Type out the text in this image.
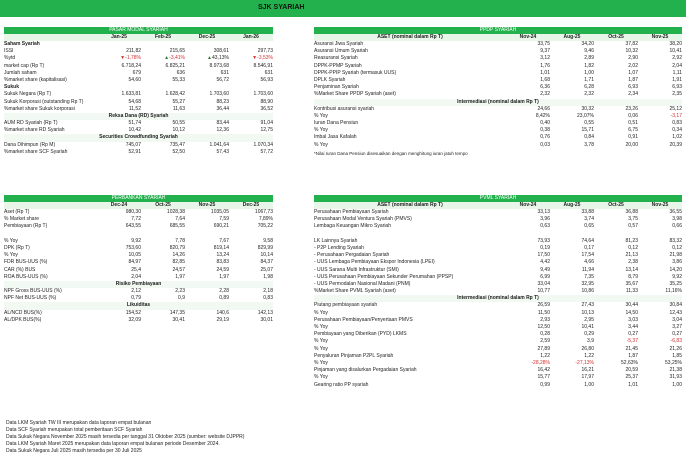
SJK SYARIAH
PASAR MODAL SYARIAH
Jan-25	Feb-25	Dec-25	Jan-26
Saham Syariah
ISSI	211,82	215,65	308,61	297,73
%ytd	▼-1,78%	▲-3,41%	▲43,13%	▼-3,53%
market cap (Rp T)	6.718,24	6.825,21	8.973,68	8.546,91
Jumlah saham	679	636	631	631
%market share (kapitalisasi)	54,60	55,33	56,72	56,93
Sukuk
Sukuk Negara (Rp T)	1.633,81	1.628,42	1.703,60	1.703,60
Sukuk Korporasi (outstanding Rp T)	54,68	55,27	88,23	88,90
%market share Sukuk korporasi	11,52	11,63	36,44	36,52
Reksa Dana (RD) Syariah
AUM RD Syariah (Rp T)	51,74	50,55	83,44	91,04
%market share RD Syariah	10,42	10,12	12,36	12,75
Securities Crowdfunding Syariah
Dana Dihimpun (Rp M)	745,07	735,47	1.041,64	1.070,34
%market share SCF Syariah	52,91	52,50	57,43	57,72
PPDP SYARIAH
ASET (nominal dalam Rp T)	Nov-24	Aug-25	Oct-25	Nov-25
Asuransi Jiwa Syariah	33,75	34,20	37,82	38,20
Asuransi Umum Syariah	9,37	9,46	10,32	10,41
Reasuransi Syariah	3,12	2,89	2,90	2,92
DPPK-PPMP Syariah	1,76	1,82	2,02	2,04
DPPK-PPIP Syariah (termasuk UUS)	1,01	1,00	1,07	1,11
DPLK Syariah	1,68	1,71	1,87	1,91
Penjaminan Syariah	6,36	6,28	6,93	6,93
%Market Share PPDP Syariah (aset)	2,32	2,32	2,34	2,35
Intermediasi (nominal dalam Rp T)
Kontribusi asuransi syariah	24,66	30,32	23,26	25,12
% Yoy	8,42%	23,07%	0,06	-3,17
Iuran Dana Pensiun	0,40	0,55	0,51	0,83
% Yoy	0,38	15,71	6,75	0,34
Imbal Jasa Kafalah	0,76	0,84	0,91	1,02
% Yoy	0,03	3,78	20,00	20,39
*Nilai Iuran Dana Pensiun disesuaikan dengan menghitung iuran jatuh tempo
PERBANKAN SYARIAH
Dec-24	Oct-25	Nov-25	Dec-25
Aset (Rp T)	980,30	1028,38	1035,05	1067,73
% Market share	7,72	7,64	7,59	7,89%
Pembiayaan (Rp T)	643,55	685,55	690,21	705,22
% Yoy	9,92	7,78	7,67	9,58
DPK (Rp T)	753,60	820,79	819,14	829,99
% Yoy	10,05	14,26	13,24	10,14
FDR BUS-UUS (%)	84,97	82,85	83,83	84,37
CAR (%) BUS	25,4	24,57	24,59	25,07
ROA BUS-UUS (%)	2,04	1,97	1,97	1,98
Risiko Pembiayaan
NPF Gross BUS-UUS (%)	2,12	2,23	2,28	2,18
NPF Net BUS-UUS (%)	0,79	0,9	0,89	0,83
Likuiditas
AL/NCD BUS(%)	154,52	147,35	140,6	142,13
AL/DPK BUS(%)	32,09	30,41	29,19	30,01
PVML SYARIAH
ASET (nominal dalam Rp T)	Nov-24	Aug-25	Oct-25	Nov-25
Perusahaan Pembiayaan Syariah	33,13	33,88	36,88	36,55
Perusahaan Modal Ventura Syariah (PMVS)	3,96	3,74	3,75	3,98
Lembaga Keuangan Mikro Syariah	0,63	0,65	0,57	0,66
LK Lainnya Syariah	73,93	74,64	81,23	83,32
- P2P Lending Syariah	0,19	0,17	0,12	0,12
- Perusahaan Pergadaian Syariah	17,50	17,54	21,13	21,98
- UUS Lembaga Pembiayaan Ekspor Indonesia (LPEI)	4,42	4,66	2,38	3,86
- UUS Sarana Multi Infrastruktur (SMI)	9,49	11,94	13,14	14,20
- UUS Perusahaan Pembiayaan Sekunder Perumahan (PPSP)	6,99	7,35	8,79	9,92
- UUS Permodalan Nasional Madani (PNM)	33,04	32,95	35,67	35,25
%Market Share PVML Syariah (aset)	10,77	10,86	11,33	11,16%
Intermediasi (nominal dalam Rp T)
Piutang pembiayaan syariah	26,59	27,43	30,44	30,84
% Yoy	11,50	10,13	14,50	12,43
Perusahaan Pembiayaan/Penyertaan PMVS	2,93	2,95	3,03	3,04
% Yoy	12,50	10,41	3,44	3,27
Pembiayaan yang Diberikan (PYD) LKMS	0,28	0,29	0,27	0,27
% Yoy	2,59	3,9	-5,37	-6,83
% Yoy	27,89	26,80	21,45	21,26
Penyaluran Pinjaman P2PL Syariah	1,22	1,22	1,87	1,85
% Yoy	-28,28%	-27,13%	52,63%	53,25%
Pinjaman yang disalurkan Pergadaian Syariah	16,42	16,21	20,59	21,38
% Yoy	15,77	17,97	25,37	31,93
Gearing ratio PP syariah	0,99	1,00	1,01	1,00
Data LKM Syariah TW III merupakan data laporan empat bulanan
Data SCF Syariah merupakan total pemberitaan SCF Syariah
Data Sukuk Negara November 2025 masih tersedia per tanggal 31 Oktober 2025 (sumber: website DJPPR)
Data LKM Syariah Maret 2025 merupakan data laporan empat bulanan periode Desember 2024.
Data Sukuk Negara Juli 2025 masih tersedia per 30 Juli 2025
